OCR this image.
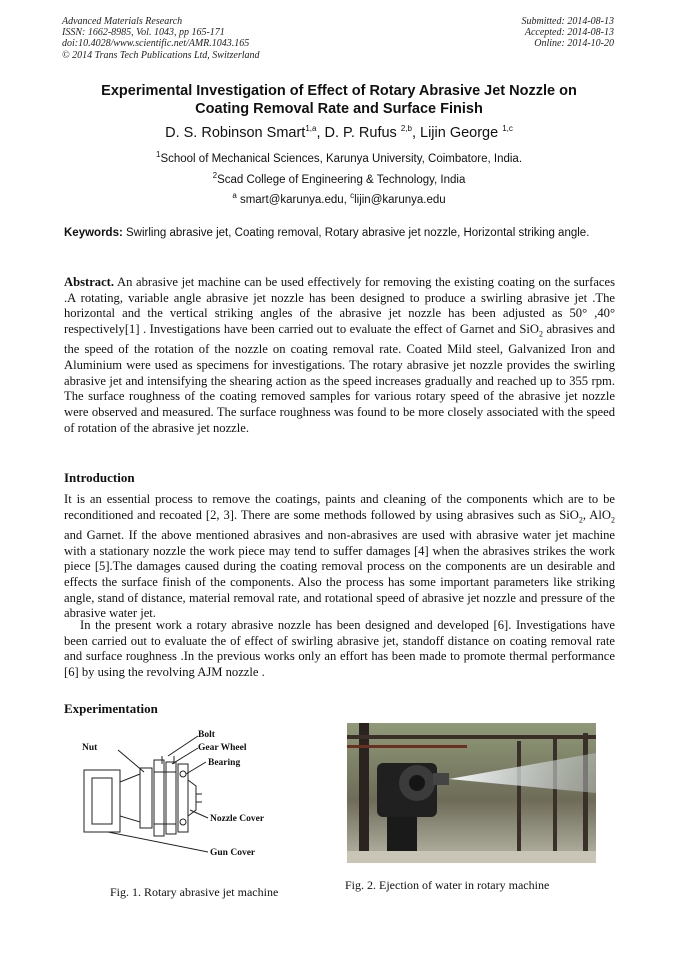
Advanced Materials Research
ISSN: 1662-8985, Vol. 1043, pp 165-171
doi:10.4028/www.scientific.net/AMR.1043.165
© 2014 Trans Tech Publications Ltd, Switzerland
Submitted: 2014-08-13
Accepted: 2014-08-13
Online: 2014-10-20
Experimental Investigation of Effect of Rotary Abrasive Jet Nozzle on
Coating Removal Rate and Surface Finish
D. S. Robinson Smart$^{1,a}$, D. P. Rufus $^{2,b}$, Lijin George $^{1,c}$
$^1$School of Mechanical Sciences, Karunya University, Coimbatore, India.
$^2$Scad College of Engineering & Technology, India
$^a$ smart@karunya.edu, $^c$lijin@karunya.edu
Keywords: Swirling abrasive jet, Coating removal, Rotary abrasive jet nozzle, Horizontal striking angle.
Abstract. An abrasive jet machine can be used effectively for removing the existing coating on the surfaces .A rotating, variable angle abrasive jet nozzle has been designed to produce a swirling abrasive jet .The horizontal and the vertical striking angles of the abrasive jet nozzle has been adjusted as 50° ,40° respectively[1] . Investigations have been carried out to evaluate the effect of Garnet and SiO$_2$ abrasives and the speed of the rotation of the nozzle on coating removal rate. Coated Mild steel, Galvanized Iron and Aluminium were used as specimens for investigations. The rotary abrasive jet nozzle provides the swirling abrasive jet and intensifying the shearing action as the speed increases gradually and reached up to 355 rpm. The surface roughness of the coating removed samples for various rotary speed of the abrasive jet nozzle were observed and measured. The surface roughness was found to be more closely associated with the speed of rotation of the abrasive jet nozzle.
Introduction
It is an essential process to remove the coatings, paints and cleaning of the components which are to be reconditioned and recoated [2, 3]. There are some methods followed by using abrasives such as SiO$_2$, AlO$_2$ and Garnet. If the above mentioned abrasives and non-abrasives are used with abrasive water jet machine with a stationary nozzle the work piece may tend to suffer damages [4] when the abrasives strikes the work piece [5].The damages caused during the coating removal process on the components are un desirable and effects the surface finish of the components. Also the process has some important parameters like striking angle, stand of distance, material removal rate, and rotational speed of abrasive jet nozzle and pressure of the abrasive water jet.
In the present work a rotary abrasive nozzle has been designed and developed [6]. Investigations have been carried out to evaluate the of effect of swirling abrasive jet, standoff distance on coating removal rate and surface roughness .In the previous works only an effort has been made to promote thermal performance [6] by using the revolving AJM nozzle .
Experimentation
Bolt
Nut	Gear Wheel
Bearing
Nozzle Cover
Gun Cover
Fig. 1. Rotary abrasive jet machine	Fig. 2. Ejection of water in rotary machine
